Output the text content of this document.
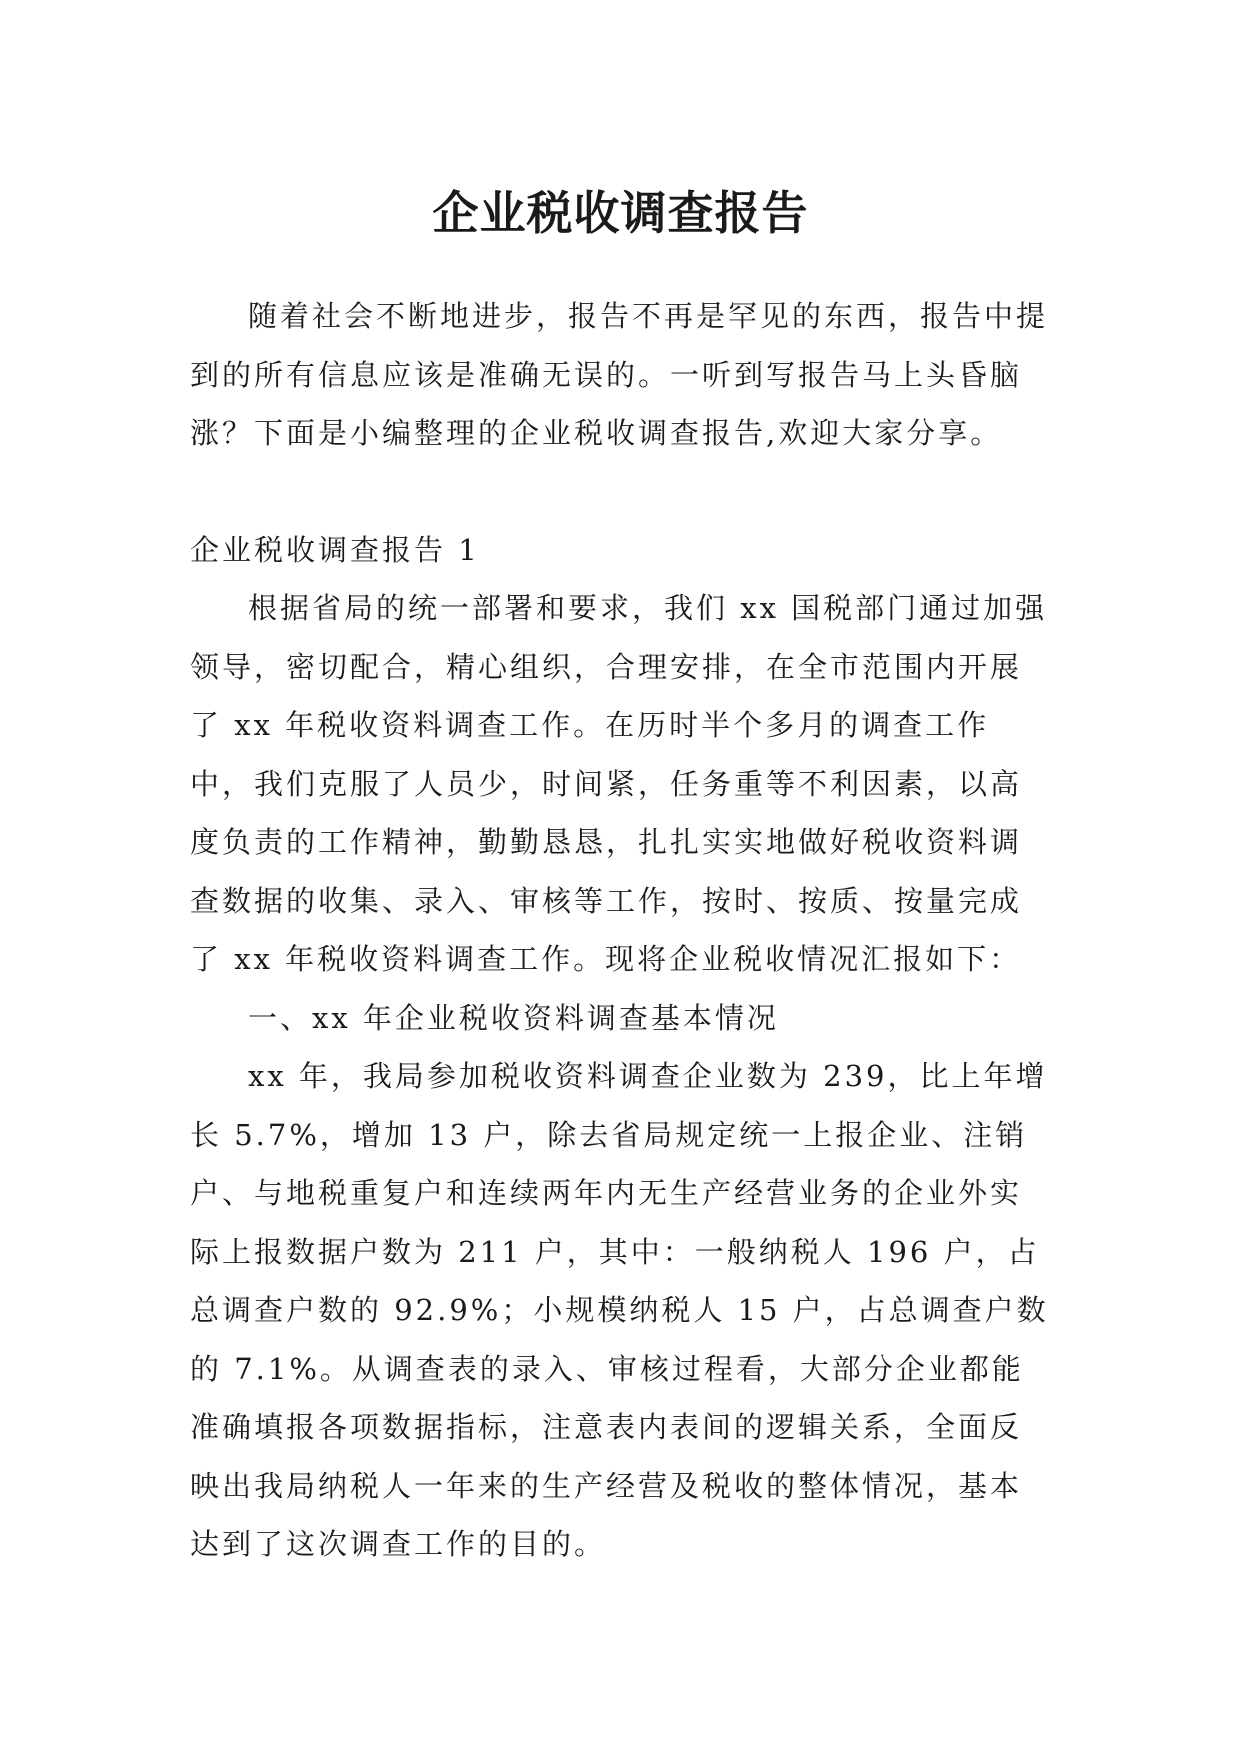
企业税收调查报告

随着社会不断地进步，报告不再是罕见的东西，报告中提到的所有信息应该是准确无误的。一听到写报告马上头昏脑涨？下面是小编整理的企业税收调查报告,欢迎大家分享。

企业税收调查报告 1

根据省局的统一部署和要求，我们 xx 国税部门通过加强领导，密切配合，精心组织，合理安排，在全市范围内开展了 xx 年税收资料调查工作。在历时半个多月的调查工作中，我们克服了人员少，时间紧，任务重等不利因素，以高度负责的工作精神，勤勤恳恳，扎扎实实地做好税收资料调查数据的收集、录入、审核等工作，按时、按质、按量完成了 xx 年税收资料调查工作。现将企业税收情况汇报如下：

一、xx 年企业税收资料调查基本情况

xx 年，我局参加税收资料调查企业数为 239，比上年增长 5.7%，增加 13 户，除去省局规定统一上报企业、注销户、与地税重复户和连续两年内无生产经营业务的企业外实际上报数据户数为 211 户，其中：一般纳税人 196 户，占总调查户数的 92.9%；小规模纳税人 15 户，占总调查户数的 7.1%。从调查表的录入、审核过程看，大部分企业都能准确填报各项数据指标，注意表内表间的逻辑关系，全面反映出我局纳税人一年来的生产经营及税收的整体情况，基本达到了这次调查工作的目的。
